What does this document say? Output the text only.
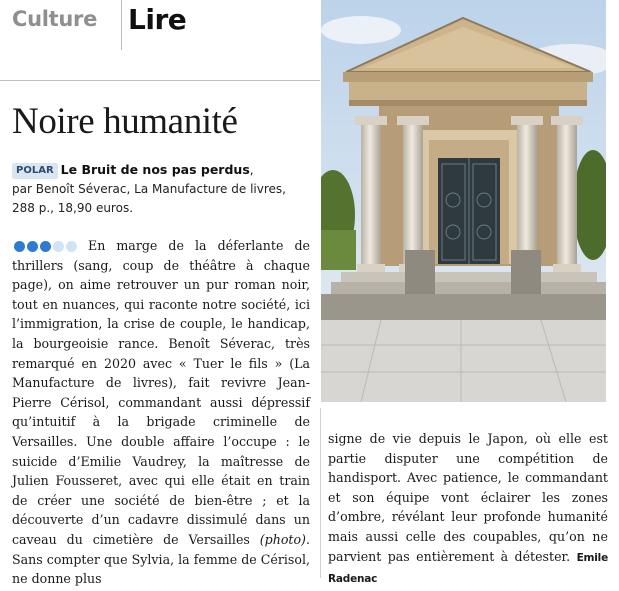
Culture Lire
Noire humanité
POLAR Le Bruit de nos pas perdus,
par Benoît Séverac, La Manufacture de livres,
288 p., 18,90 euros.
En marge de la déferlante de thrillers (sang, coup de théâtre à chaque page), on aime retrouver un pur roman noir, tout en nuances, qui raconte notre société, ici l’immigration, la crise de couple, le handicap, la bourgeoisie rance. Benoît Séverac, très remarqué en 2020 avec « Tuer le fils » (La Manufacture de livres), fait revivre Jean-Pierre Cérisol, commandant aussi dépressif qu’intuitif à la brigade criminelle de Versailles. Une double affaire l’occupe : le suicide d’Emilie Vaudrey, la maîtresse de Julien Fousseret, avec qui elle était en train de créer une société de bien-être ; et la découverte d’un cadavre dissimulé dans un caveau du cimetière de Versailles (photo). Sans compter que Sylvia, la femme de Cérisol, ne donne plus
signe de vie depuis le Japon, où elle est partie disputer une compétition de handisport. Avec patience, le commandant et son équipe vont éclairer les zones d’ombre, révélant leur profonde humanité mais aussi celle des coupables, qu’on ne parvient pas entièrement à détester. Emile Radenac
